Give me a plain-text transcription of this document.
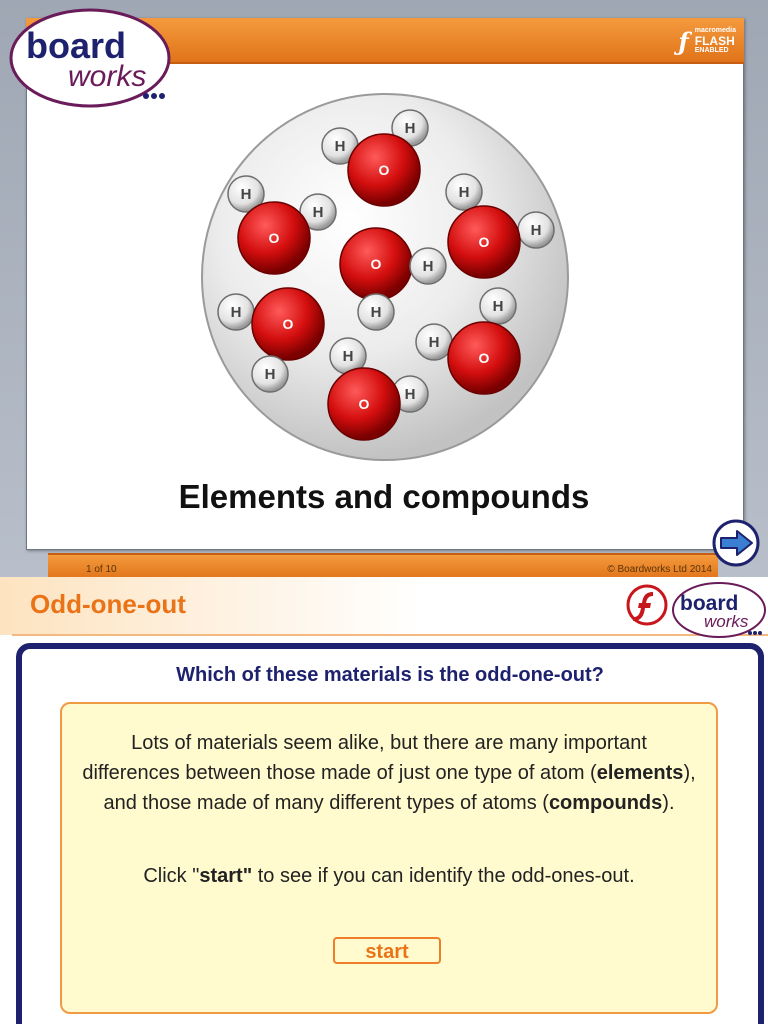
ƒ macromedia
FLASH
ENABLED
board
works
H
H
O
H
H
O
O	H
H
H
H
O
H
O
H
H
H
O
H
H
O
Elements and compounds
1 of 10	© Boardworks Ltd 2014
Odd-one-out	board
works
Which of these materials is the odd-one-out?
Lots of materials seem alike, but there are many important differences between those made of just one type of atom (elements), and those made of many different types of atoms (compounds).
Click "start" to see if you can identify the odd-ones-out.
start
